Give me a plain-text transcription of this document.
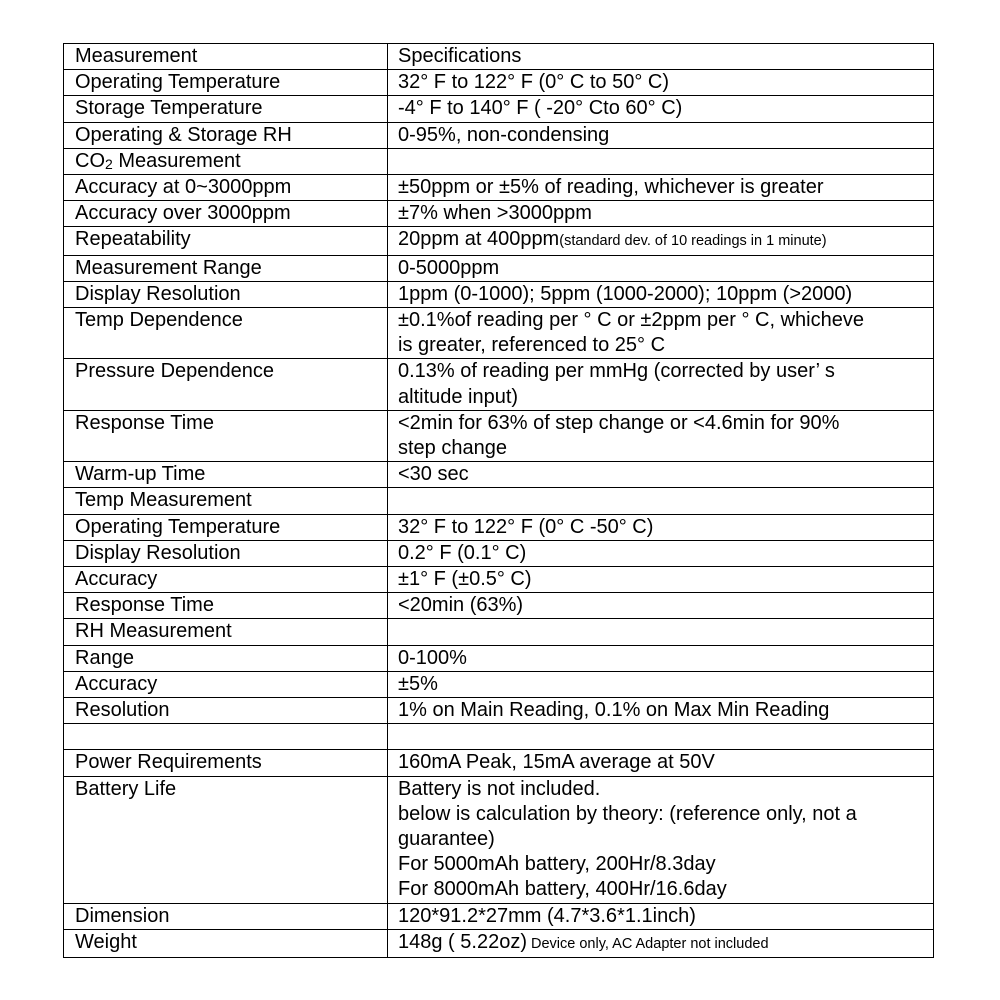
Measurement	Specifications
Operating Temperature	32° F to 122° F (0° C to 50° C)
Storage Temperature	-4° F to 140° F ( -20° Cto 60° C)
Operating & Storage RH	0-95%, non-condensing
$CO_2$ Measurement	
Accuracy at 0~3000ppm	±50ppm or ±5% of reading, whichever is greater
Accuracy over 3000ppm	±7% when >3000ppm
Repeatability	20ppm at 400ppm(standard dev. of 10 readings in 1 minute)
Measurement Range	0-5000ppm
Display Resolution	1ppm (0-1000); 5ppm (1000-2000); 10ppm (>2000)
Temp Dependence	±0.1%of reading per ° C or ±2ppm per ° C, whicheve
is greater, referenced to 25° C
Pressure Dependence	0.13% of reading per mmHg (corrected by user’ s
altitude input)
Response Time	<2min for 63% of step change or <4.6min for 90%
step change
Warm-up Time	<30 sec
Temp Measurement	
Operating Temperature	32° F to 122° F (0° C -50° C)
Display Resolution	0.2° F (0.1° C)
Accuracy	±1° F (±0.5° C)
Response Time	<20min (63%)
RH Measurement	
Range	0-100%
Accuracy	±5%
Resolution	1% on Main Reading, 0.1% on Max Min Reading

Power Requirements	160mA Peak, 15mA average at 50V
Battery Life	Battery is not included.
below is calculation by theory: (reference only, not a
guarantee)
For 5000mAh battery, 200Hr/8.3day
For 8000mAh battery, 400Hr/16.6day
Dimension	120*91.2*27mm (4.7*3.6*1.1inch)
Weight	148g ( 5.22oz) Device only, AC Adapter not included
